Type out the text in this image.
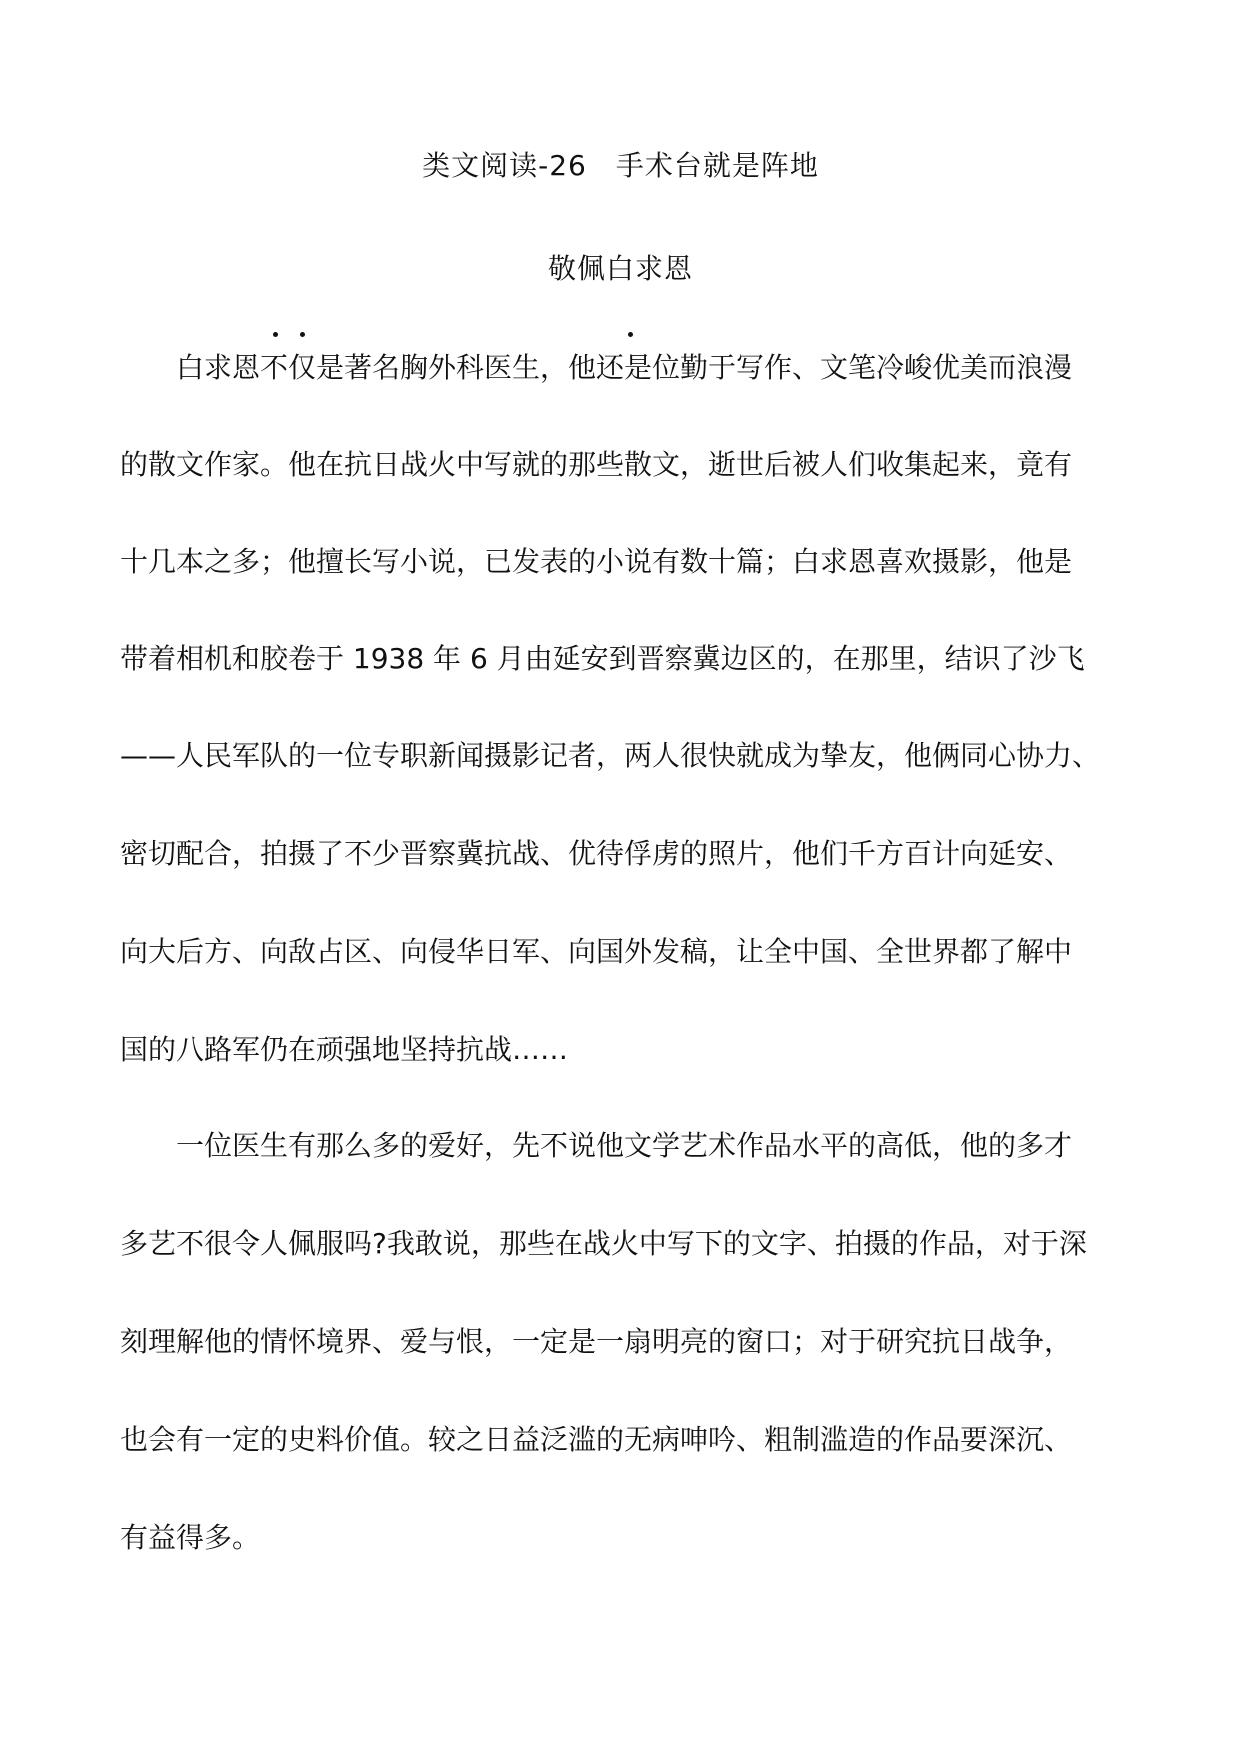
类文阅读-26　手术台就是阵地
敬佩白求恩
白求恩不仅是著名胸外科医生，他还是位勤于写作、文笔冷峻优美而浪漫
的散文作家。他在抗日战火中写就的那些散文，逝世后被人们收集起来，竟有
十几本之多；他擅长写小说，已发表的小说有数十篇；白求恩喜欢摄影，他是
带着相机和胶卷于 1938 年 6 月由延安到晋察冀边区的，在那里，结识了沙飞
——人民军队的一位专职新闻摄影记者，两人很快就成为挚友，他俩同心协力、
密切配合，拍摄了不少晋察冀抗战、优待俘虏的照片，他们千方百计向延安、
向大后方、向敌占区、向侵华日军、向国外发稿，让全中国、全世界都了解中
国的八路军仍在顽强地坚持抗战……
一位医生有那么多的爱好，先不说他文学艺术作品水平的高低，他的多才
多艺不很令人佩服吗?我敢说，那些在战火中写下的文字、拍摄的作品，对于深
刻理解他的情怀境界、爱与恨，一定是一扇明亮的窗口；对于研究抗日战争，
也会有一定的史料价值。较之日益泛滥的无病呻吟、粗制滥造的作品要深沉、
有益得多。
